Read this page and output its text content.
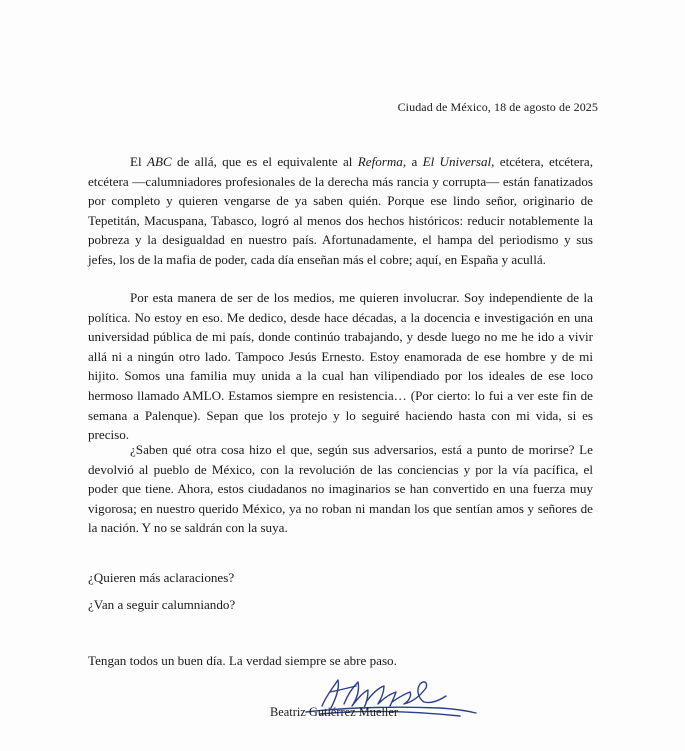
Ciudad de México, 18 de agosto de 2025

El ABC de allá, que es el equivalente al Reforma, a El Universal, etcétera, etcétera, etcétera —calumniadores profesionales de la derecha más rancia y corrupta— están fanatizados por completo y quieren vengarse de ya saben quién. Porque ese lindo señor, originario de Tepetitán, Macuspana, Tabasco, logró al menos dos hechos históricos: reducir notablemente la pobreza y la desigualdad en nuestro país. Afortunadamente, el hampa del periodismo y sus jefes, los de la mafia de poder, cada día enseñan más el cobre; aquí, en España y acullá.

Por esta manera de ser de los medios, me quieren involucrar. Soy independiente de la política. No estoy en eso. Me dedico, desde hace décadas, a la docencia e investigación en una universidad pública de mi país, donde continúo trabajando, y desde luego no me he ido a vivir allá ni a ningún otro lado. Tampoco Jesús Ernesto. Estoy enamorada de ese hombre y de mi hijito. Somos una familia muy unida a la cual han vilipendiado por los ideales de ese loco hermoso llamado AMLO. Estamos siempre en resistencia… (Por cierto: lo fui a ver este fin de semana a Palenque). Sepan que los protejo y lo seguiré haciendo hasta con mi vida, si es preciso.

¿Saben qué otra cosa hizo el que, según sus adversarios, está a punto de morirse? Le devolvió al pueblo de México, con la revolución de las conciencias y por la vía pacífica, el poder que tiene. Ahora, estos ciudadanos no imaginarios se han convertido en una fuerza muy vigorosa; en nuestro querido México, ya no roban ni mandan los que sentían amos y señores de la nación. Y no se saldrán con la suya.

¿Quieren más aclaraciones?

¿Van a seguir calumniando?

Tengan todos un buen día. La verdad siempre se abre paso.

Beatriz Gutiérrez Mueller
